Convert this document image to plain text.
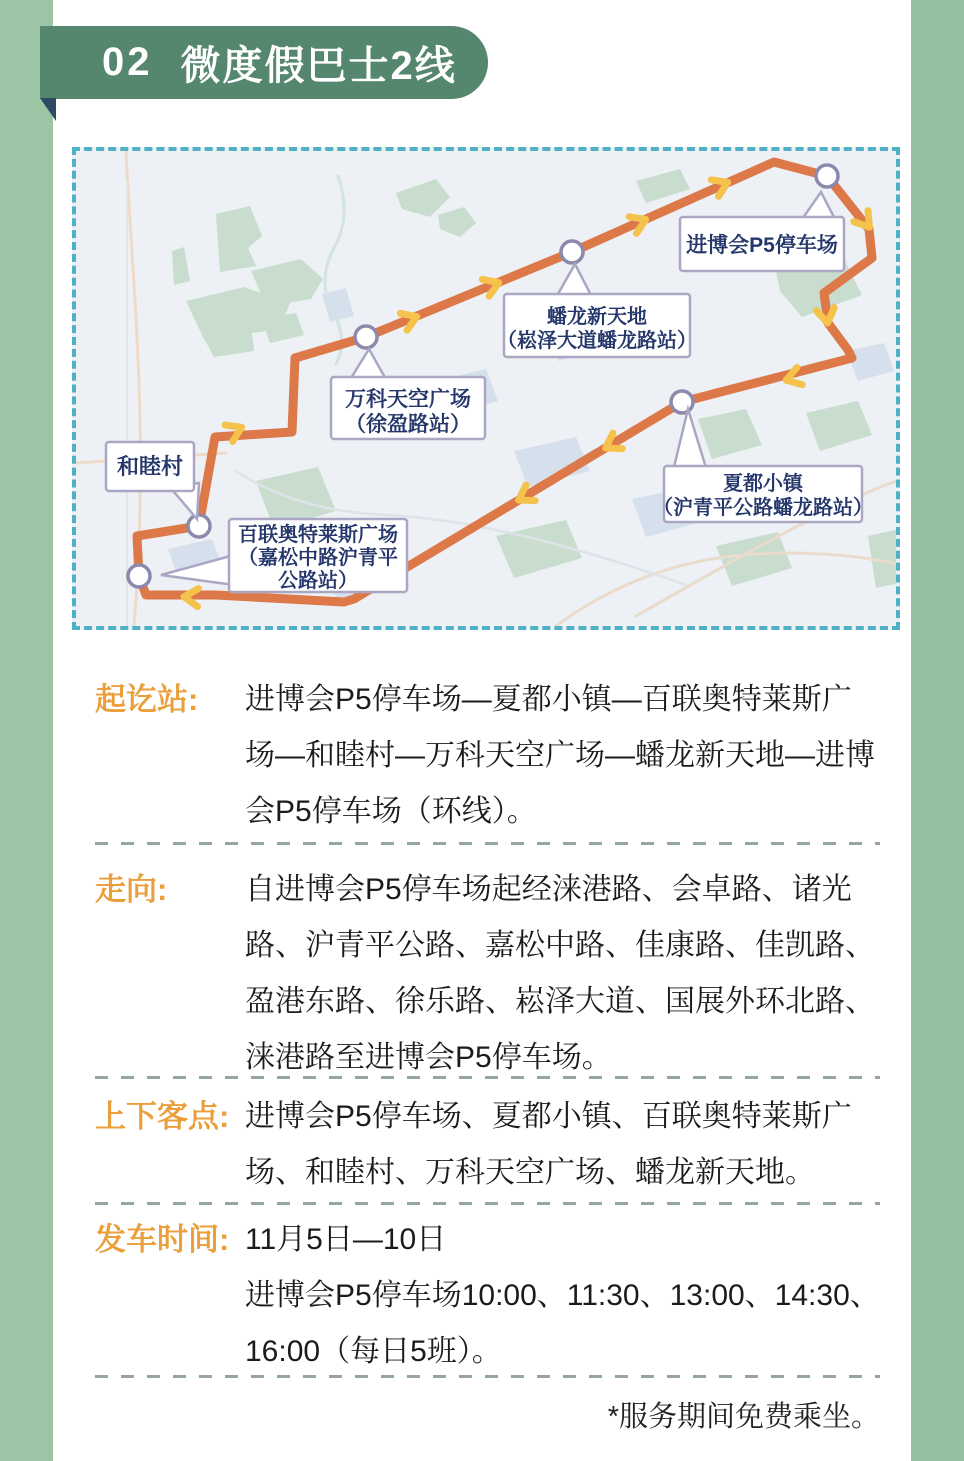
02 微度假巴士2线
进博会P5停车场
蟠龙新天地
（崧泽大道蟠龙路站）
万科天空广场
（徐盈路站）
和睦村
百联奥特莱斯广场
（嘉松中路沪青平
公路站）
夏都小镇
（沪青平公路蟠龙路站）
起讫站: 进博会P5停车场—夏都小镇—百联奥特莱斯广
场—和睦村—万科天空广场—蟠龙新天地—进博
会P5停车场（环线）。
走向:	自进博会P5停车场起经涞港路、会卓路、诸光
路、沪青平公路、嘉松中路、佳康路、佳凯路、
盈港东路、徐乐路、崧泽大道、国展外环北路、
涞港路至进博会P5停车场。
上下客点: 进博会P5停车场、夏都小镇、百联奥特莱斯广
场、和睦村、万科天空广场、蟠龙新天地。
发车时间: 11月5日—10日
进博会P5停车场10:00、11:30、13:00、14:30、
16:00（每日5班）。
*服务期间免费乘坐。
